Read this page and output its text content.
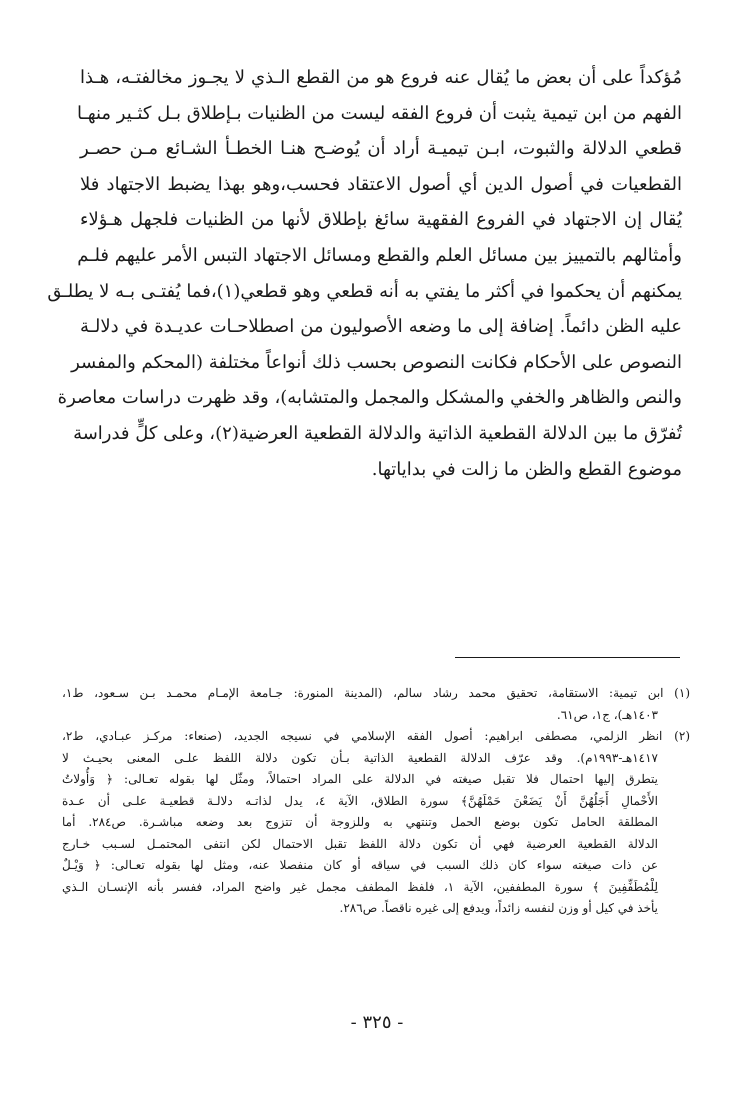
مُؤكداً على أن بعض ما يُقال عنه فروع هو من القطع الـذي لا يجـوز مخالفتـه، هـذا
الفهم من ابن تيمية يثبت أن فروع الفقه ليست من الظنيات بـإطلاق بـل كثـير منهـا
قطعي الدلالة والثبوت، ابـن تيميـة أراد أن يُوضـح هنـا الخطـأ الشـائع مـن حصـر
القطعيات في أصول الدين أي أصول الاعتقاد فحسب،وهو بهذا يضبط الاجتهاد فلا
يُقال إن الاجتهاد في الفروع الفقهية سائغ بإطلاق لأنها من الظنيات فلجهل هـؤلاء
وأمثالهم بالتمييز بين مسائل العلم والقطع ومسائل الاجتهاد التبس الأمر عليهم فلـم
يمكنهم أن يحكموا في أكثر ما يفتي به أنه قطعي وهو قطعي(١)،فما يُفتـى بـه لا يطلـق
عليه الظن دائماً. إضافة إلى ما وضعه الأصوليون من اصطلاحـات عديـدة في دلالـة
النصوص على الأحكام فكانت النصوص بحسب ذلك أنواعاً مختلفة (المحكم والمفسر
والنص والظاهر والخفي والمشكل والمجمل والمتشابه)، وقد ظهرت دراسات معاصرة
تُفرّق ما بين الدلالة القطعية الذاتية والدلالة القطعية العرضية(٢)، وعلى كلٍّ فدراسة
موضوع القطع والظن ما زالت في بداياتها.
(١) ابن تيمية: الاستقامة، تحقيق محمد رشاد سالم، (المدينة المنورة: جـامعة الإمـام محمـد بـن سـعود، ط١،
١٤٠٣هـ)، ج١، ص٦١.
(٢) انظر الزلمي، مصطفى ابراهيم: أصول الفقه الإسلامي في نسيجه الجديد، (صنعاء: مركـز عبـادي، ط٢،
١٤١٧هـ-١٩٩٣م). وقد عرّف الدلالة القطعية الذاتية بـأن تكون دلالة اللفظ علـى المعنى بحيـث لا
يتطرق إليها احتمال فلا تقبل صيغته في الدلالة على المراد احتمالاً، ومثّل لها بقوله تعـالى: ﴿ وَأُولاتُ
الأَحْمالِ أَجَلُهُنَّ أَنْ يَضَعْنَ حَمْلَهُنَّ﴾ سورة الطلاق، الآية ٤، يدل لذاتـه دلالـة قطعيـة علـى أن عـدة
المطلقة الحامل تكون بوضع الحمل وتنتهي به وللزوجة أن تتزوج بعد وضعه مباشـرة. ص٢٨٤. أما
الدلالة القطعية العرضية فهي أن تكون دلالة اللفظ تقبل الاحتمال لكن انتفى المحتمـل لسـبب خـارج
عن ذات صيغته سواء كان ذلك السبب في سياقه أو كان منفصلا عنه، ومثل لها بقوله تعـالى: ﴿ وَيْـلٌ
لِلْمُطَفِّفِينَ ﴾ سورة المطففين، الآية ١، فلفظ المطفف مجمل غير واضح المراد، ففسر بأنه الإنسـان الـذي
يأخذ في كيل أو وزن لنفسه زائداً، ويدفع إلى غيره ناقصاً. ص٢٨٦.
- ٣٢٥ -
